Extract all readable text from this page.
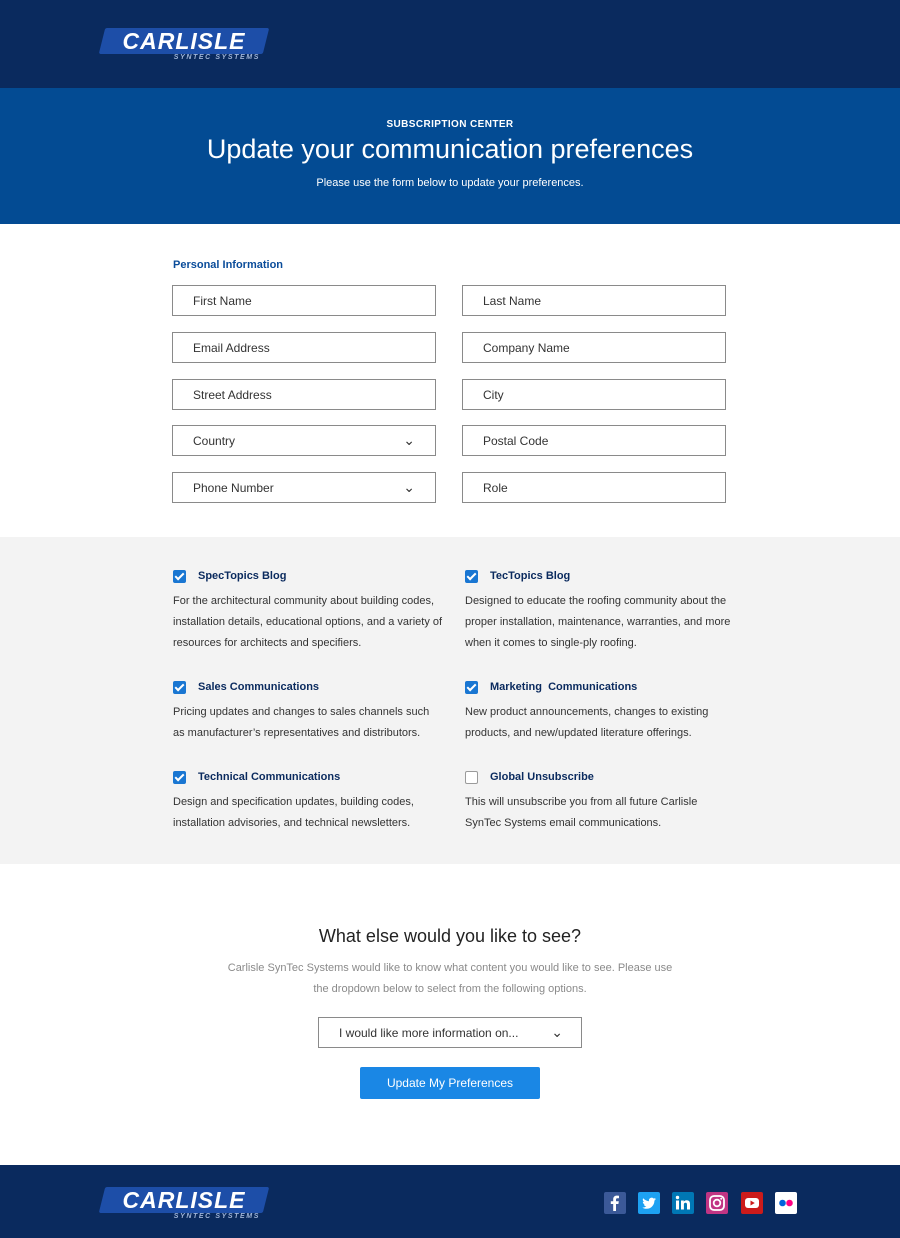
CARLISLE
SYNTEC SYSTEMS
SUBSCRIPTION CENTER
Update your communication preferences
Please use the form below to update your preferences.
Personal Information
First Name	Last Name
Email Address	Company Name
Street Address	City
Country	⌄	Postal Code
Phone Number	⌄	Role
SpecTopics Blog
For the architectural community about building codes, installation details, educational options, and a variety of resources for architects and specifiers.
TecTopics Blog
Designed to educate the roofing community about the proper installation, maintenance, warranties, and more when it comes to single-ply roofing.
Sales Communications
Pricing updates and changes to sales channels such as manufacturer’s representatives and distributors.
Marketing  Communications
New product announcements, changes to existing products, and new/updated literature offerings.
Technical Communications
Design and specification updates, building codes, installation advisories, and technical newsletters.
Global Unsubscribe
This will unsubscribe you from all future Carlisle SynTec Systems email communications.
What else would you like to see?
Carlisle SynTec Systems would like to know what content you would like to see. Please use the dropdown below to select from the following options.
I would like more information on... ⌄
Update My Preferences
CARLISLE
SYNTEC SYSTEMS
